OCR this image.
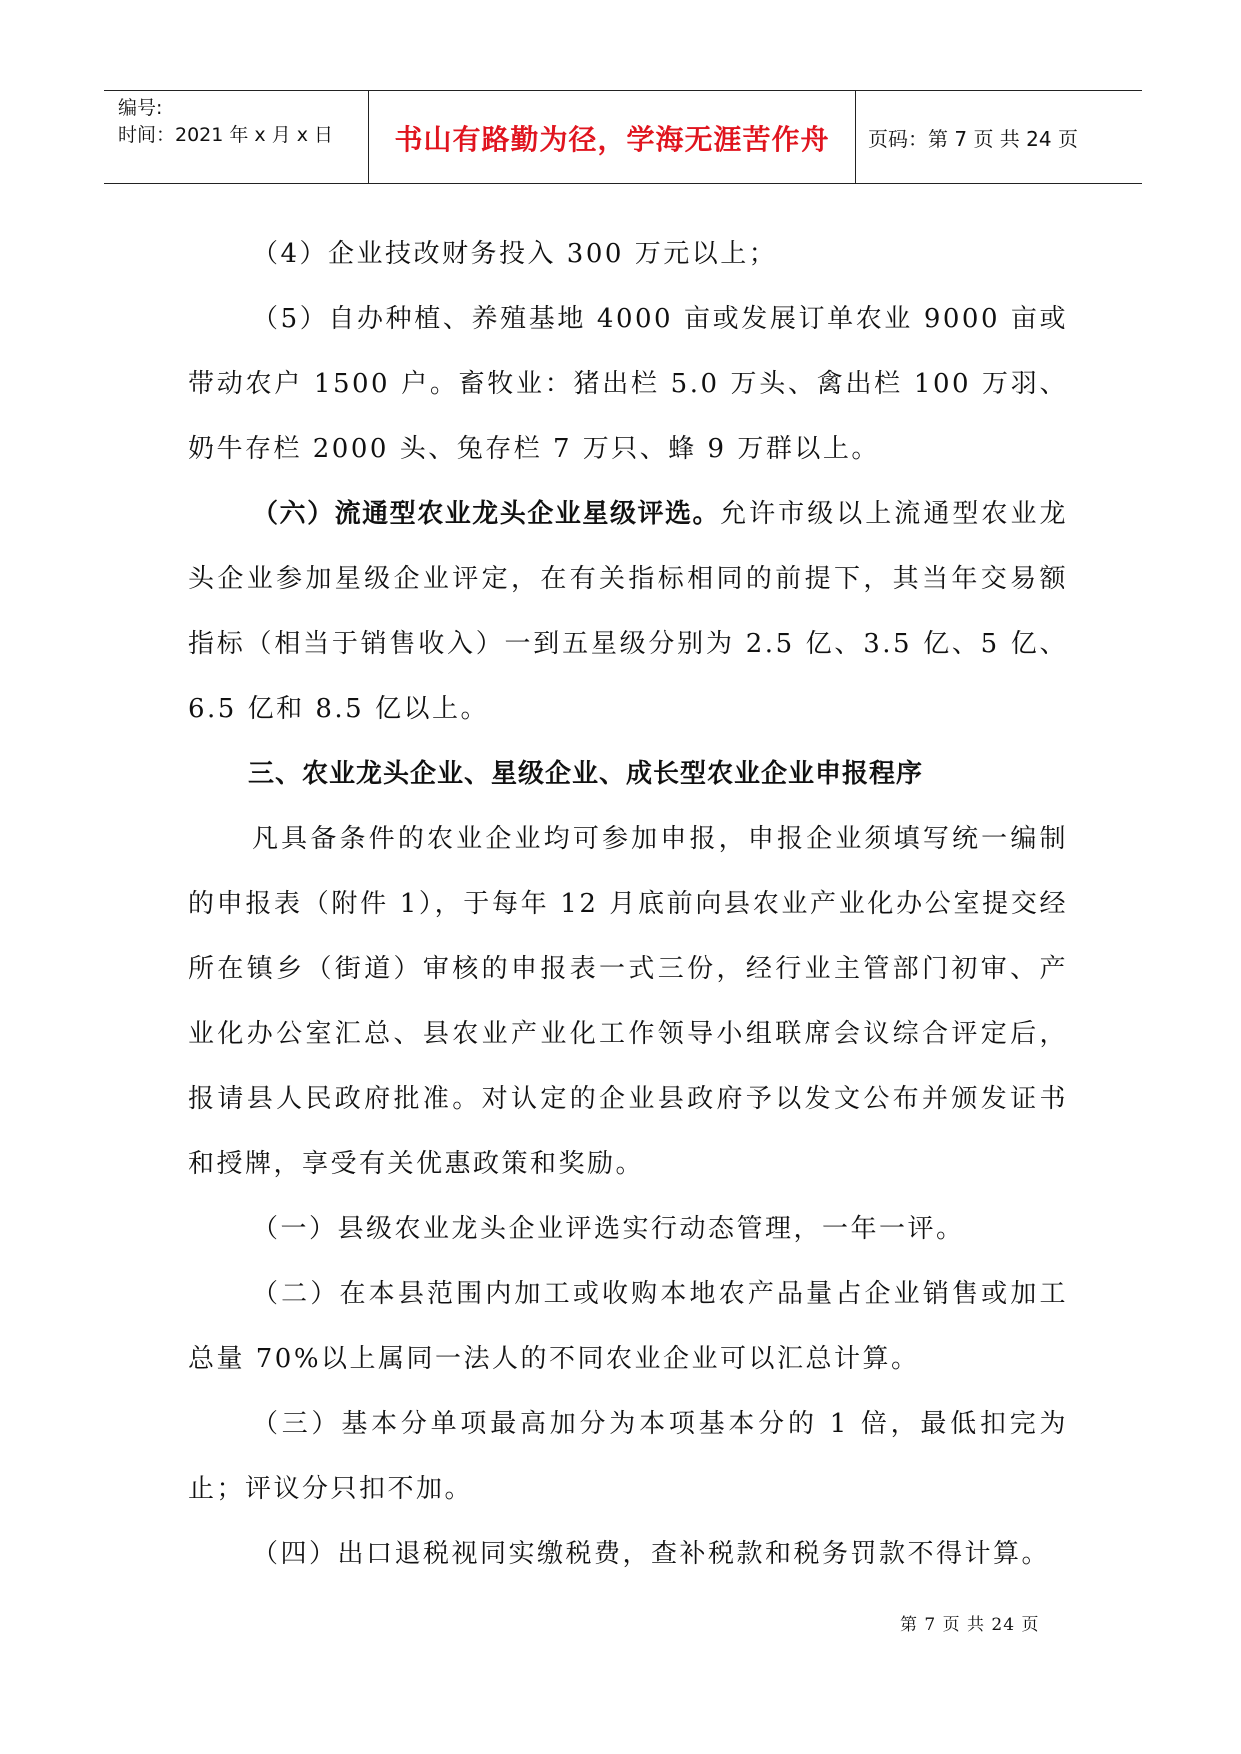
编号:
时间：2021 年 x 月 x 日	书山有路勤为径，学海无涯苦作舟 页码：第 7 页 共 24 页

（4）企业技改财务投入 300 万元以上；

（5）自办种植、养殖基地 4000 亩或发展订单农业 9000 亩或带动农户 1500 户。畜牧业：猪出栏 5.0 万头、禽出栏 100 万羽、奶牛存栏 2000 头、兔存栏 7 万只、蜂 9 万群以上。

（六）流通型农业龙头企业星级评选。允许市级以上流通型农业龙头企业参加星级企业评定，在有关指标相同的前提下，其当年交易额指标（相当于销售收入）一到五星级分别为 2.5 亿、3.5 亿、5 亿、6.5 亿和 8.5 亿以上。

三、农业龙头企业、星级企业、成长型农业企业申报程序

凡具备条件的农业企业均可参加申报，申报企业须填写统一编制的申报表（附件 1），于每年 12 月底前向县农业产业化办公室提交经所在镇乡（街道）审核的申报表一式三份，经行业主管部门初审、产业化办公室汇总、县农业产业化工作领导小组联席会议综合评定后，报请县人民政府批准。对认定的企业县政府予以发文公布并颁发证书和授牌，享受有关优惠政策和奖励。

（一）县级农业龙头企业评选实行动态管理，一年一评。

（二）在本县范围内加工或收购本地农产品量占企业销售或加工总量 70%以上属同一法人的不同农业企业可以汇总计算。

（三）基本分单项最高加分为本项基本分的 1 倍，最低扣完为止；评议分只扣不加。

（四）出口退税视同实缴税费，查补税款和税务罚款不得计算。

第 7 页 共 24 页
